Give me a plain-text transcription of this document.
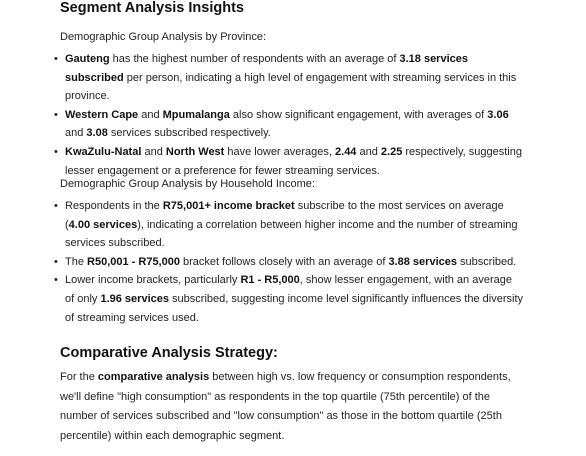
Segment Analysis Insights

Demographic Group Analysis by Province:

• Gauteng has the highest number of respondents with an average of 3.18 services subscribed per person, indicating a high level of engagement with streaming services in this province.
• Western Cape and Mpumalanga also show significant engagement, with averages of 3.06 and 3.08 services subscribed respectively.
• KwaZulu-Natal and North West have lower averages, 2.44 and 2.25 respectively, suggesting lesser engagement or a preference for fewer streaming services.

Demographic Group Analysis by Household Income:

• Respondents in the R75,001+ income bracket subscribe to the most services on average (4.00 services), indicating a correlation between higher income and the number of streaming services subscribed.
• The R50,001 - R75,000 bracket follows closely with an average of 3.88 services subscribed.
• Lower income brackets, particularly R1 - R5,000, show lesser engagement, with an average of only 1.96 services subscribed, suggesting income level significantly influences the diversity of streaming services used.
Comparative Analysis Strategy:

For the comparative analysis between high vs. low frequency or consumption respondents, we'll define "high consumption" as respondents in the top quartile (75th percentile) of the number of services subscribed and "low consumption" as those in the bottom quartile (25th percentile) within each demographic segment.
